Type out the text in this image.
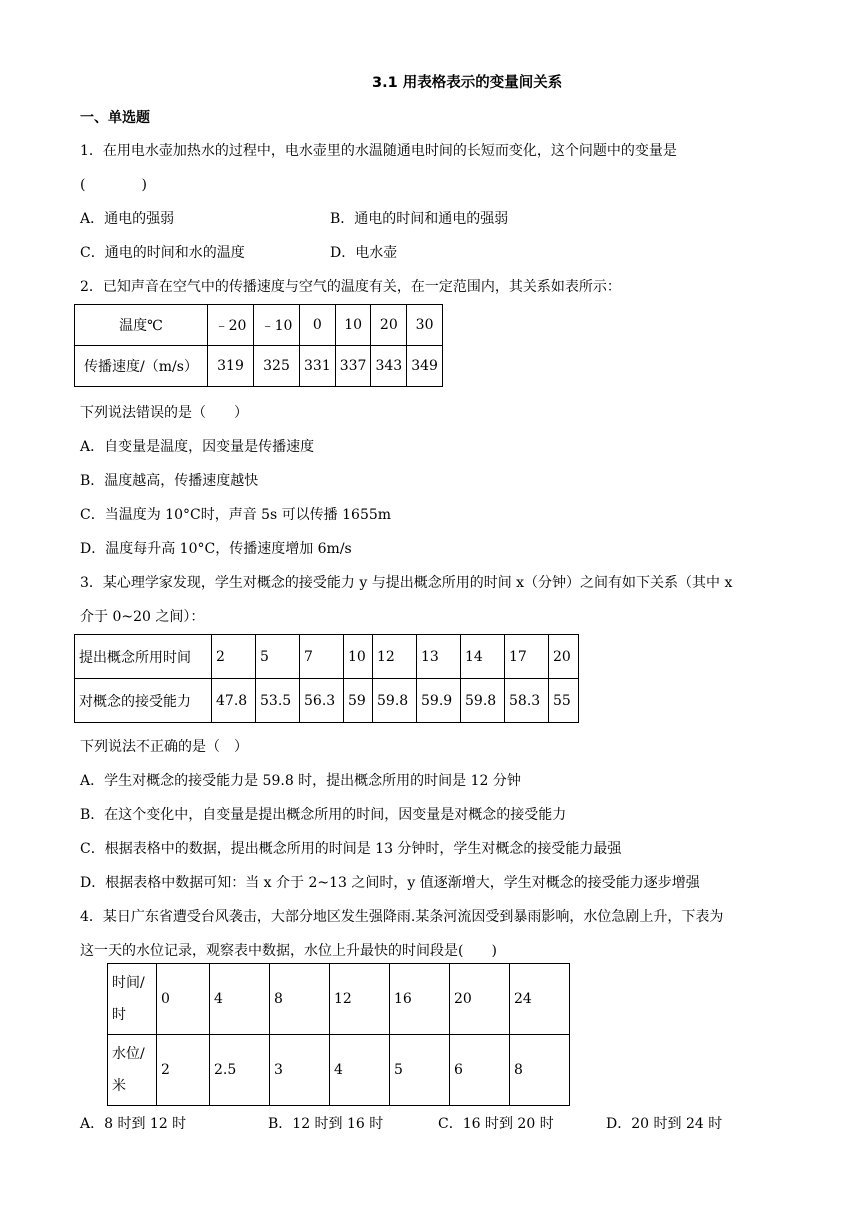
3.1 用表格表示的变量间关系
一、单选题
1．在用电水壶加热水的过程中，电水壶里的水温随通电时间的长短而变化，这个问题中的变量是
(　　　　)
A．通电的强弱	B．通电的时间和通电的强弱
C．通电的时间和水的温度	D．电水壶
2．已知声音在空气中的传播速度与空气的温度有关，在一定范围内，其关系如表所示：
温度℃	﹣20	﹣10	0	10	20	30
传播速度/（m/s）	319	325	331	337	343	349
下列说法错误的是（　　）
A．自变量是温度，因变量是传播速度
B．温度越高，传播速度越快
C．当温度为 10°C时，声音 5s 可以传播 1655m
D．温度每升高 10°C，传播速度增加 6m/s
3．某心理学家发现，学生对概念的接受能力 y 与提出概念所用的时间 x（分钟）之间有如下关系（其中 x
介于 0~20 之间）：
提出概念所用时间	2	5	7	10	12	13	14	17	20
对概念的接受能力	47.8	53.5	56.3	59	59.8	59.9	59.8	58.3	55
下列说法不正确的是（　）
A．学生对概念的接受能力是 59.8 时，提出概念所用的时间是 12 分钟
B．在这个变化中，自变量是提出概念所用的时间，因变量是对概念的接受能力
C．根据表格中的数据，提出概念所用的时间是 13 分钟时，学生对概念的接受能力最强
D．根据表格中数据可知：当 x 介于 2~13 之间时，y 值逐渐增大，学生对概念的接受能力逐步增强
4．某日广东省遭受台风袭击，大部分地区发生强降雨.某条河流因受到暴雨影响，水位急剧上升，下表为
这一天的水位记录，观察表中数据，水位上升最快的时间段是(　　)
时间/时	0	4	8	12	16	20	24
水位/米	2	2.5	3	4	5	6	8
A．8 时到 12 时	B．12 时到 16 时	C．16 时到 20 时	D．20 时到 24 时
